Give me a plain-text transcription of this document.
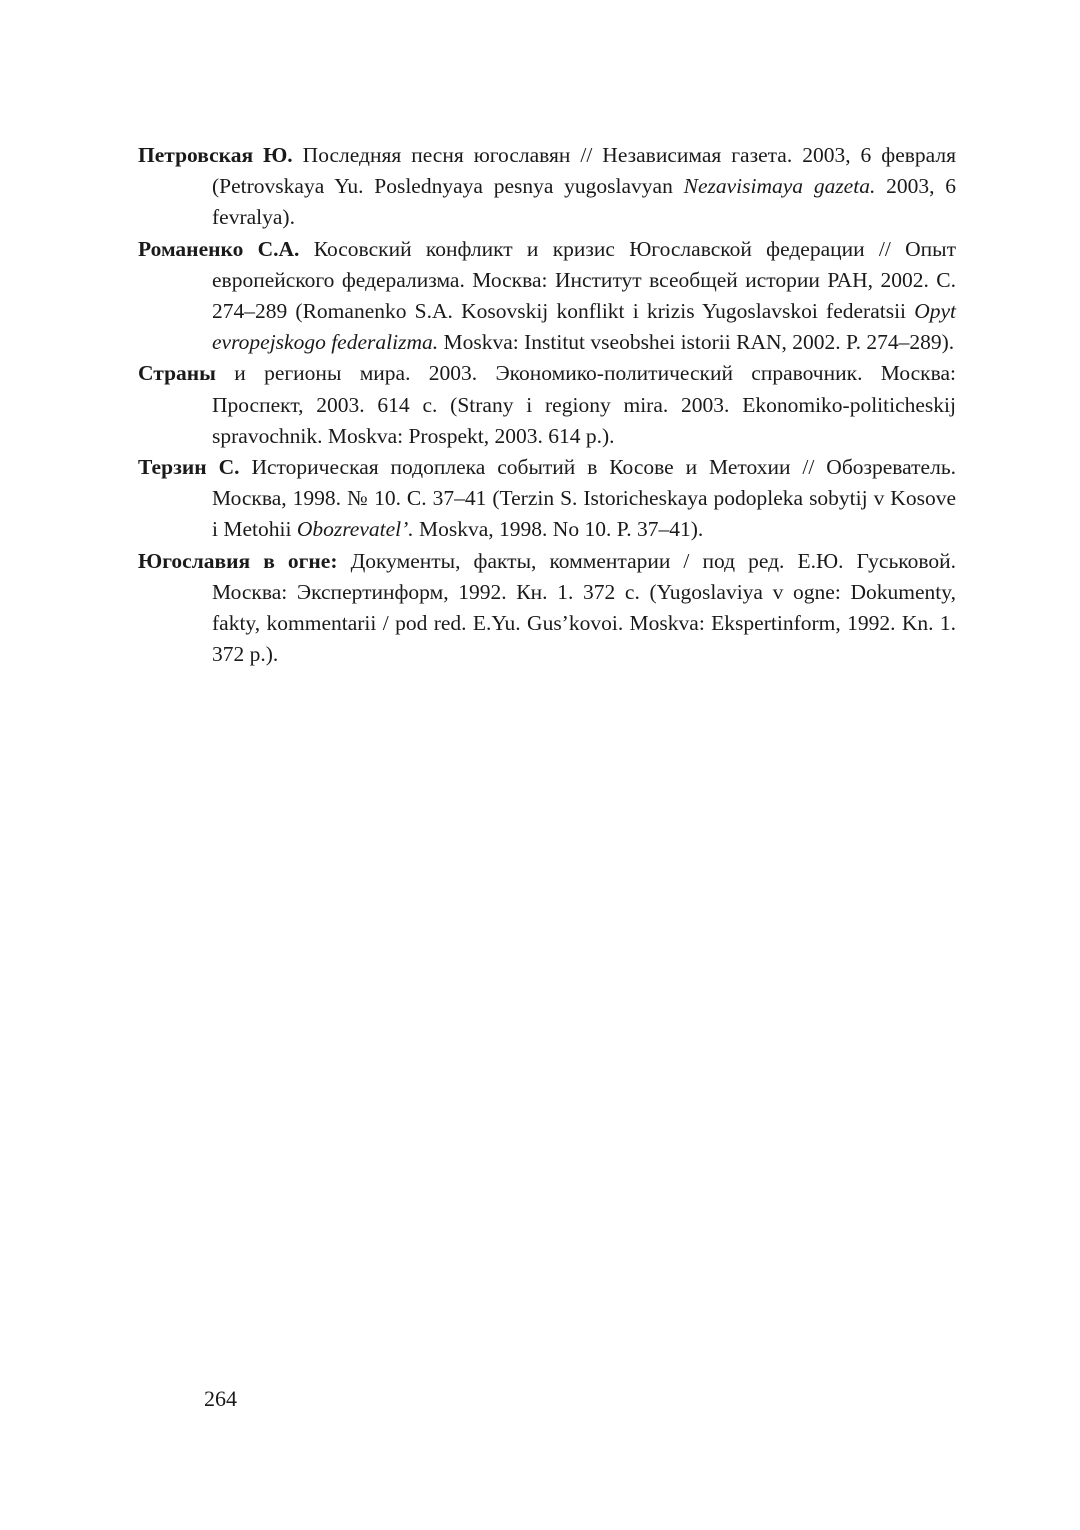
Петровская Ю. Последняя песня югославян // Независимая газета. 2003, 6 февраля (Petrovskaya Yu. Poslednyaya pesnya yugoslavyan Nezavisimaya gazeta. 2003, 6 fevralya).

Романенко С.А. Косовский конфликт и кризис Югославской федерации // Опыт европейского федерализма. Москва: Институт всеобщей истории РАН, 2002. С. 274–289 (Romanenko S.A. Kosovskij konflikt i krizis Yugoslavskoi federatsii Opyt evropejskogo federalizma. Moskva: Institut vseobshei istorii RAN, 2002. P. 274–289).

Страны и регионы мира. 2003. Экономико-политический справочник. Москва: Проспект, 2003. 614 с. (Strany i regiony mira. 2003. Ekonomiko-politicheskij spravochnik. Moskva: Prospekt, 2003. 614 p.).

Терзин С. Историческая подоплека событий в Косове и Метохии // Обозреватель. Москва, 1998. № 10. С. 37–41 (Terzin S. Istoricheskaya podopleka sobytij v Kosove i Metohii Obozrevatel’. Moskva, 1998. No 10. P. 37–41).

Югославия в огне: Документы, факты, комментарии / под ред. Е.Ю. Гуськовой. Москва: Экспертинформ, 1992. Кн. 1. 372 с. (Yugoslaviya v ogne: Dokumenty, fakty, kommentarii / pod red. E.Yu. Gus’kovoi. Moskva: Ekspertinform, 1992. Kn. 1. 372 p.).

264
